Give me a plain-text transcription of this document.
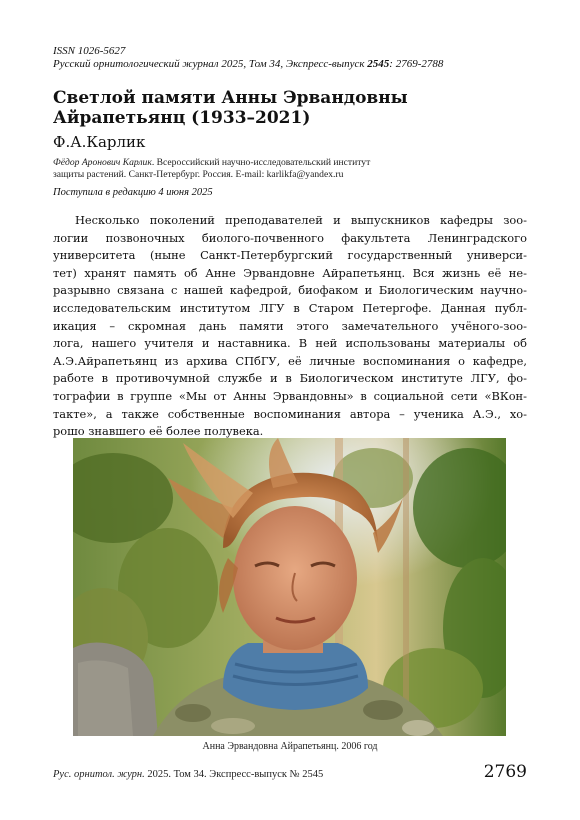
ISSN 1026-5627
Русский орнитологический журнал 2025, Том 34, Экспресс-выпуск 2545: 2769-2788
Светлой памяти Анны Эрвандовны
Айрапетьянц (1933–2021)
Ф.А.Карлик
Фёдор Аронович Карлик. Всероссийский научно-исследовательский институт
защиты растений. Санкт-Петербург. Россия. E-mail: karlikfa@yandex.ru
Поступила в редакцию 4 июня 2025
Несколько поколений преподавателей и выпускников кафедры зоо-
логии позвоночных биолого-почвенного факультета Ленинградского
университета (ныне Санкт-Петербургский государственный универси-
тет) хранят память об Анне Эрвандовне Айрапетьянц. Вся жизнь её не-
разрывно связана с нашей кафедрой, биофаком и Биологическим научно-
исследовательским институтом ЛГУ в Старом Петергофе. Данная публ-
икация – скромная дань памяти этого замечательного учёного-зоо-
лога, нашего учителя и наставника. В ней использованы материалы об
А.Э.Айрапетьянц из архива СПбГУ, её личные воспоминания о кафедре,
работе в противочумной службе и в Биологическом институте ЛГУ, фо-
тографии в группе «Мы от Анны Эрвандовны» в социальной сети «ВКон-
такте», а также собственные воспоминания автора – ученика А.Э., хо-
рошо знавшего её более полувека.
Анна Эрвандовна Айрапетьянц. 2006 год
Рус. орнитол. журн. 2025. Том 34. Экспресс-выпуск № 2545	2769
